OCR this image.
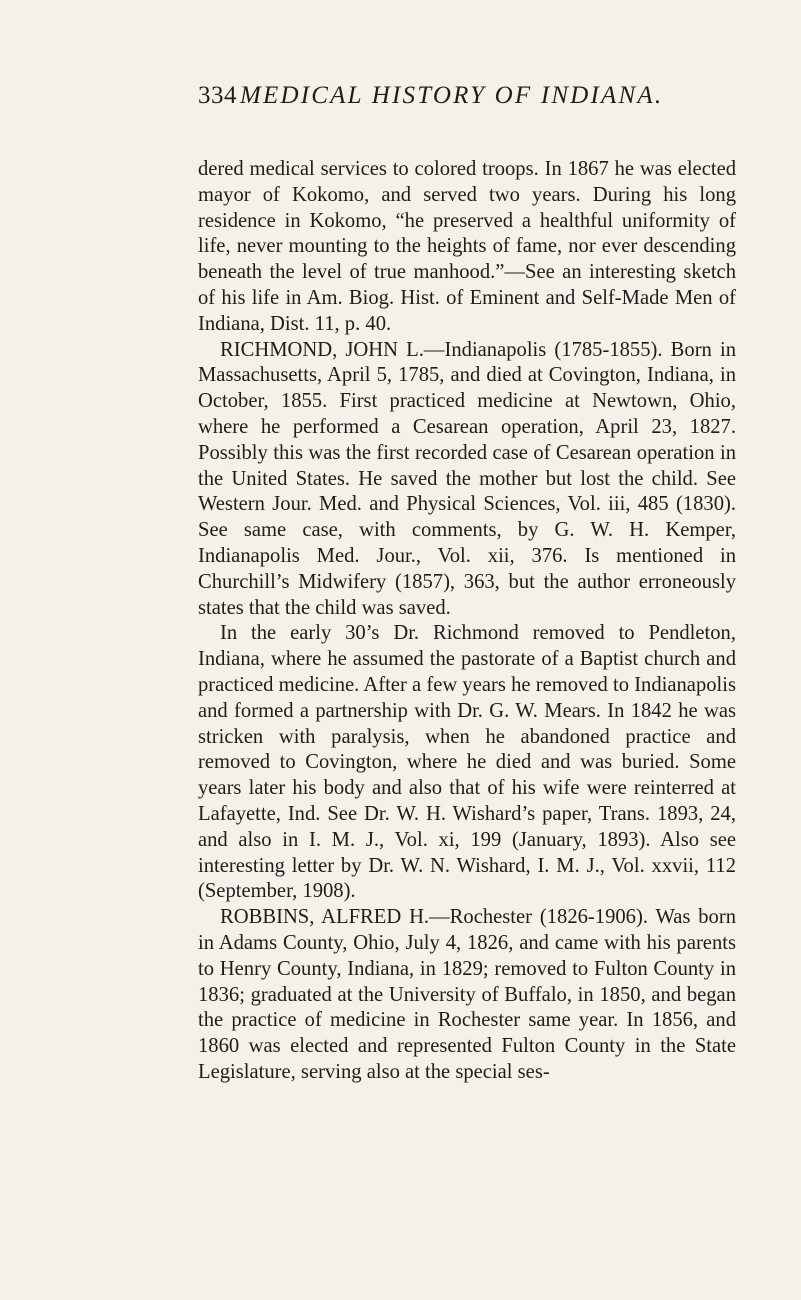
334 MEDICAL HISTORY OF INDIANA.

dered medical services to colored troops. In 1867 he was elected mayor of Kokomo, and served two years. During his long residence in Kokomo, “he preserved a healthful uniformity of life, never mounting to the heights of fame, nor ever descending beneath the level of true manhood.”—See an interesting sketch of his life in Am. Biog. Hist. of Eminent and Self-Made Men of Indiana, Dist. 11, p. 40.

RICHMOND, JOHN L.—Indianapolis (1785-1855). Born in Massachusetts, April 5, 1785, and died at Covington, Indiana, in October, 1855. First practiced medicine at Newtown, Ohio, where he performed a Cesarean operation, April 23, 1827. Possibly this was the first recorded case of Cesarean operation in the United States. He saved the mother but lost the child. See Western Jour. Med. and Physical Sciences, Vol. iii, 485 (1830). See same case, with comments, by G. W. H. Kemper, Indianapolis Med. Jour., Vol. xii, 376. Is mentioned in Churchill’s Midwifery (1857), 363, but the author erroneously states that the child was saved.

In the early 30’s Dr. Richmond removed to Pendleton, Indiana, where he assumed the pastorate of a Baptist church and practiced medicine. After a few years he removed to Indianapolis and formed a partnership with Dr. G. W. Mears. In 1842 he was stricken with paralysis, when he abandoned practice and removed to Covington, where he died and was buried. Some years later his body and also that of his wife were reinterred at Lafayette, Ind. See Dr. W. H. Wishard’s paper, Trans. 1893, 24, and also in I. M. J., Vol. xi, 199 (January, 1893). Also see interesting letter by Dr. W. N. Wishard, I. M. J., Vol. xxvii, 112 (September, 1908).

ROBBINS, ALFRED H.—Rochester (1826-1906). Was born in Adams County, Ohio, July 4, 1826, and came with his parents to Henry County, Indiana, in 1829; removed to Fulton County in 1836; graduated at the University of Buffalo, in 1850, and began the practice of medicine in Rochester same year. In 1856, and 1860 was elected and represented Fulton County in the State Legislature, serving also at the special ses-
